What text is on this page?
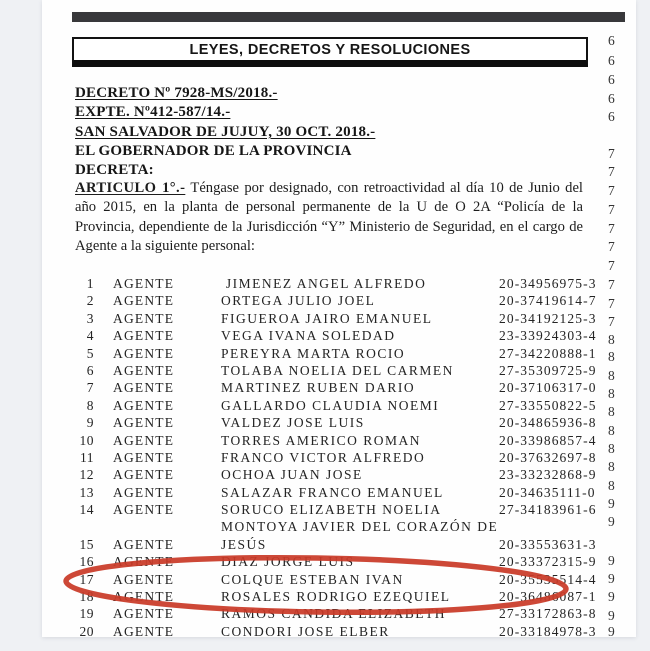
LEYES, DECRETOS Y RESOLUCIONES
DECRETO Nº 7928-MS/2018.-
EXPTE. Nº412-587/14.-
SAN SALVADOR DE JUJUY, 30 OCT. 2018.-
EL GOBERNADOR DE LA PROVINCIA
DECRETA:

ARTICULO 1°.- Téngase por designado, con retroactividad al día 10 de Junio del año 2015, en la planta de personal permanente de la U de O 2A “Policía de la Provincia, dependiente de la Jurisdicción “Y” Ministerio de Seguridad, en el cargo de Agente a la siguiente personal:

1 AGENTE	JIMENEZ ANGEL ALFREDO	20-34956975-3
2 AGENTE	ORTEGA JULIO JOEL	20-37419614-7
3 AGENTE	FIGUEROA JAIRO EMANUEL	20-34192125-3
4 AGENTE	VEGA IVANA SOLEDAD	23-33924303-4
5 AGENTE	PEREYRA MARTA ROCIO	27-34220888-1
6 AGENTE	TOLABA NOELIA DEL CARMEN	27-35309725-9
7 AGENTE	MARTINEZ RUBEN DARIO	20-37106317-0
8 AGENTE	GALLARDO CLAUDIA NOEMI	27-33550822-5
9 AGENTE	VALDEZ JOSE LUIS	20-34865936-8
10 AGENTE	TORRES AMERICO ROMAN	20-33986857-4
11 AGENTE	FRANCO VICTOR ALFREDO	20-37632697-8
12 AGENTE	OCHOA JUAN JOSE	23-33232868-9
13 AGENTE	SALAZAR FRANCO EMANUEL	20-34635111-0
14 AGENTE	SORUCO ELIZABETH NOELIA	27-34183961-6
MONTOYA JAVIER DEL CORAZÓN DE
15 AGENTE	JESÚS	20-33553631-3
16 AGENTE	DIAZ JORGE LUIS	20-33372315-9
17 AGENTE	COLQUE ESTEBAN IVAN	20-35535514-4
18 AGENTE	ROSALES RODRIGO EZEQUIEL	20-36486087-1
19 AGENTE	RAMOS CANDIDA ELIZABETH	27-33172863-8
20 AGENTE	CONDORI JOSE ELBER	20-33184978-3
6
6
6
6
6
7
7
7
7
7
7
7
7
7
7
8
8
8
8
8
8
8
8
8
9
9
9
9
9
9
9
